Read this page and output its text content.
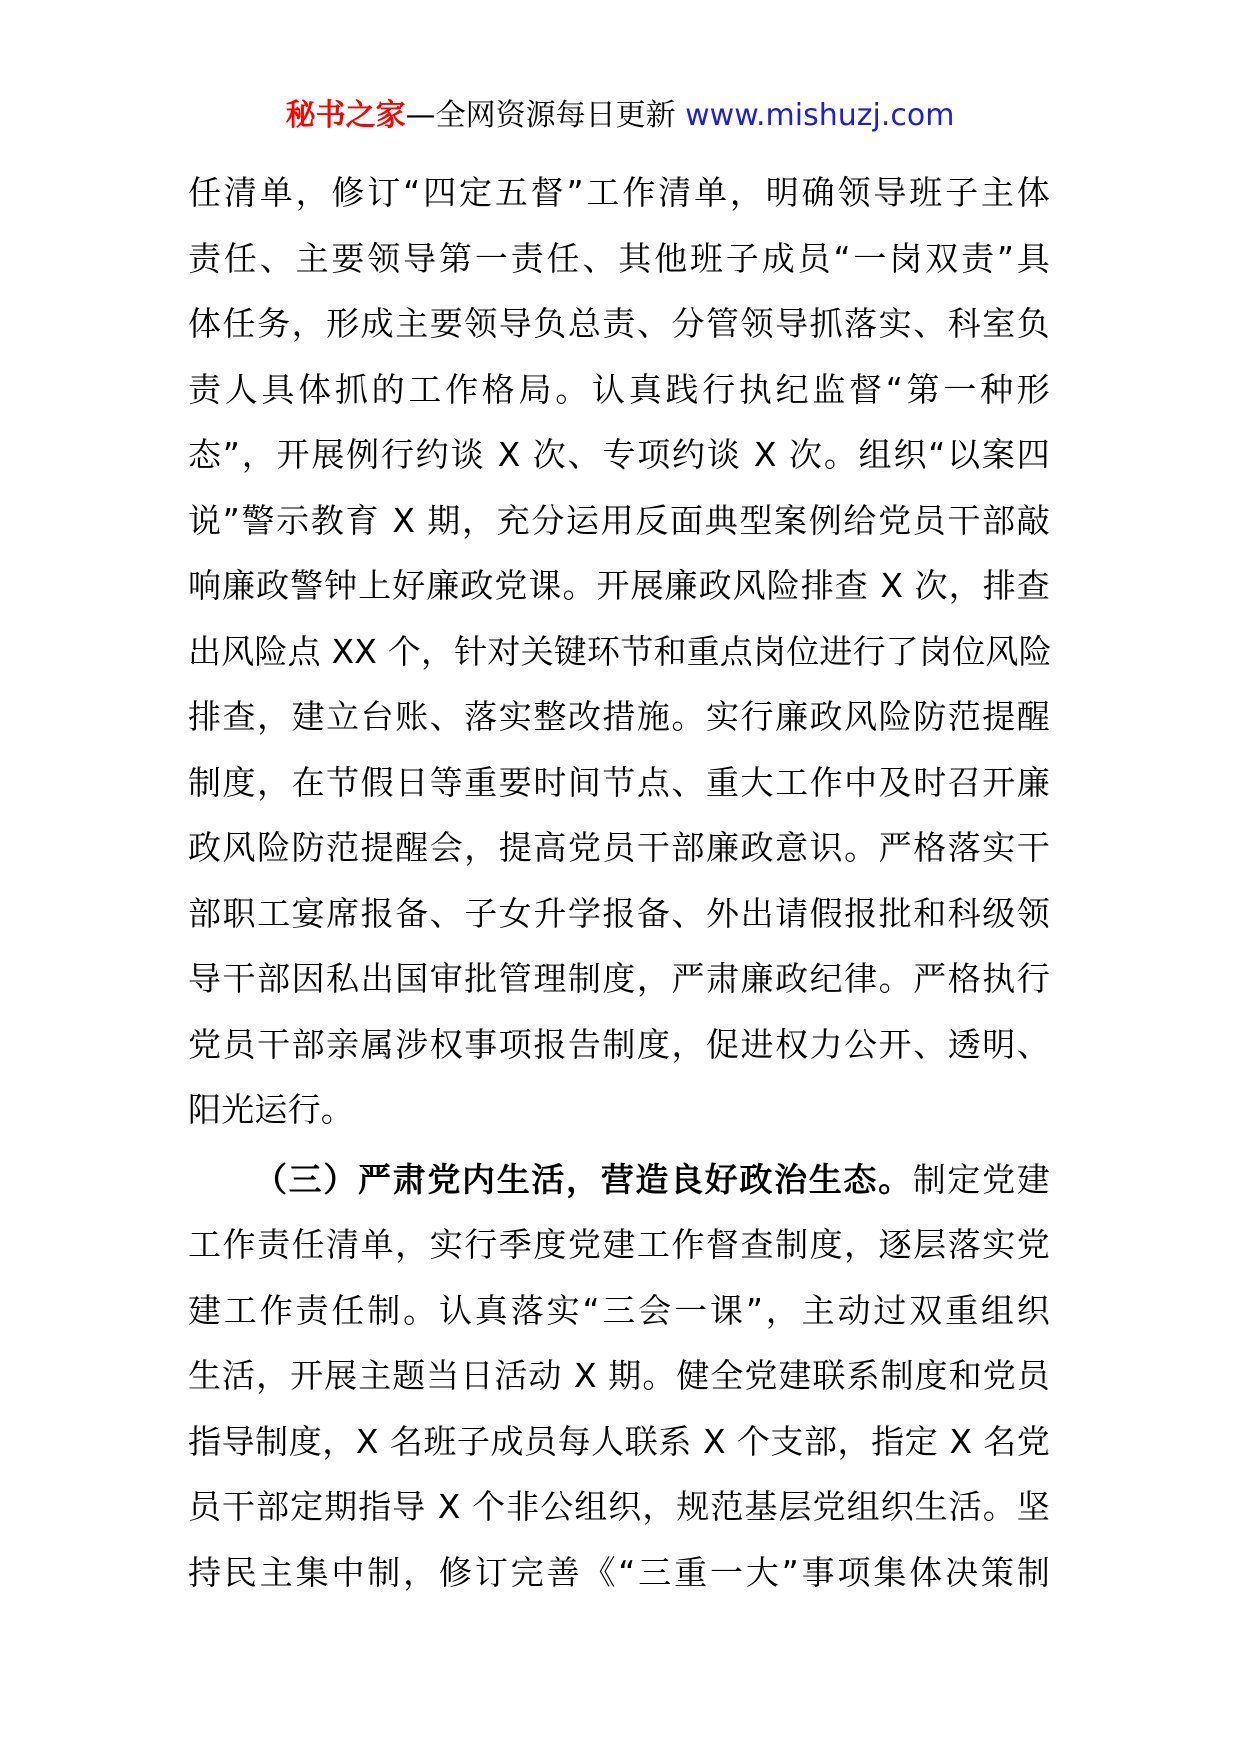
秘书之家—全网资源每日更新 www.mishuzj.com
任清单，修订“四定五督”工作清单，明确领导班子主体
责任、主要领导第一责任、其他班子成员“一岗双责”具
体任务，形成主要领导负总责、分管领导抓落实、科室负
责人具体抓的工作格局。认真践行执纪监督“第一种形
态”，开展例行约谈 X 次、专项约谈 X 次。组织“以案四
说”警示教育 X 期，充分运用反面典型案例给党员干部敲
响廉政警钟上好廉政党课。开展廉政风险排查 X 次，排查
出风险点 XX 个，针对关键环节和重点岗位进行了岗位风险
排查，建立台账、落实整改措施。实行廉政风险防范提醒
制度，在节假日等重要时间节点、重大工作中及时召开廉
政风险防范提醒会，提高党员干部廉政意识。严格落实干
部职工宴席报备、子女升学报备、外出请假报批和科级领
导干部因私出国审批管理制度，严肃廉政纪律。严格执行
党员干部亲属涉权事项报告制度，促进权力公开、透明、
阳光运行。
（三）严肃党内生活，营造良好政治生态。制定党建
工作责任清单，实行季度党建工作督查制度，逐层落实党
建工作责任制。认真落实“三会一课”，主动过双重组织
生活，开展主题当日活动 X 期。健全党建联系制度和党员
指导制度，X 名班子成员每人联系 X 个支部，指定 X 名党
员干部定期指导 X 个非公组织，规范基层党组织生活。坚
持民主集中制，修订完善《“三重一大”事项集体决策制
